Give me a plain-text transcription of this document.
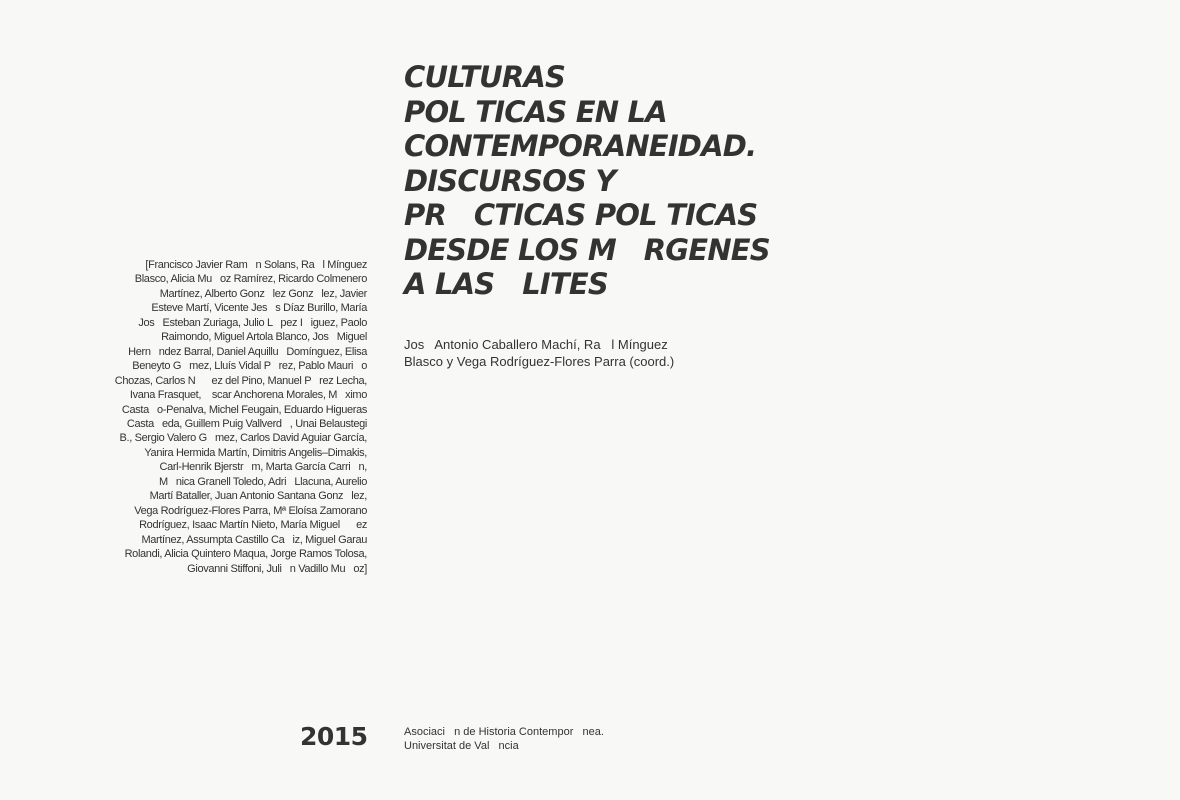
[Francisco Javier Ram   n Solans, Ra   l Mínguez
Blasco, Alicia Mu   oz Ramírez, Ricardo Colmenero
Martínez, Alberto Gonz   lez Gonz   lez, Javier
Esteve Martí, Vicente Jes   s Díaz Burillo, María
Jos   Esteban Zuriaga, Julio L   pez I   iguez, Paolo
Raimondo, Miguel Artola Blanco, Jos   Miguel
Hern   ndez Barral, Daniel Aquillu   Domínguez, Elisa
Beneyto G   mez, Lluís Vidal P   rez, Pablo Mauri   o
Chozas, Carlos N      ez del Pino, Manuel P   rez Lecha,
Ivana Frasquet,    scar Anchorena Morales, M   ximo
Casta   o-Penalva, Michel Feugain, Eduardo Higueras
Casta   eda, Guillem Puig Vallverd   , Unai Belaustegi
B., Sergio Valero G   mez, Carlos David Aguiar García,
Yanira Hermida Martín, Dimitris Angelis–Dimakis,
Carl-Henrik Bjerstr   m, Marta García Carri   n,
M   nica Granell Toledo, Adri   Llacuna, Aurelio
Martí Bataller, Juan Antonio Santana Gonz   lez,
Vega Rodríguez-Flores Parra, Mª Eloísa Zamorano
Rodríguez, Isaac Martín Nieto, María Miguel      ez
Martínez, Assumpta Castillo Ca   iz, Miguel Garau
Rolandi, Alicia Quintero Maqua, Jorge Ramos Tolosa,
Giovanni Stiffoni, Juli   n Vadillo Mu   oz]
CULTURAS
POL TICAS EN LA
CONTEMPORANEIDAD.
DISCURSOS Y
PR   CTICAS POL TICAS
DESDE LOS M   RGENES
A LAS   LITES
Jos   Antonio Caballero Machí, Ra   l Mínguez
Blasco y Vega Rodríguez-Flores Parra (coord.)
2015	Asociaci   n de Historia Contempor   nea.
Universitat de Val   ncia
